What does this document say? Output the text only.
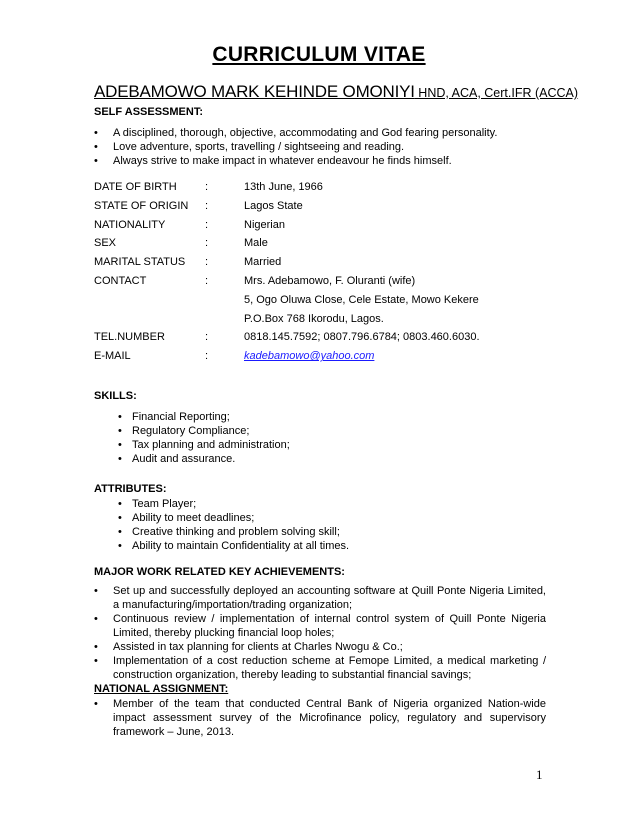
CURRICULUM VITAE
ADEBAMOWO MARK KEHINDE OMONIYI HND, ACA, Cert.IFR (ACCA)
SELF ASSESSMENT:
• A disciplined, thorough, objective, accommodating and God fearing personality.
• Love adventure, sports, travelling / sightseeing and reading.
• Always strive to make impact in whatever endeavour he finds himself.
DATE OF BIRTH	:	13th June, 1966
STATE OF ORIGIN :	Lagos State
NATIONALITY	:	Nigerian
SEX	:	Male
MARITAL STATUS :	Married
CONTACT	:	Mrs. Adebamowo, F. Oluranti (wife)
5, Ogo Oluwa Close, Cele Estate, Mowo Kekere
P.O.Box 768 Ikorodu, Lagos.
TEL.NUMBER	:	0818.145.7592; 0807.796.6784; 0803.460.6030.
E-MAIL	:	kadebamowo@yahoo.com
SKILLS:
• Financial Reporting;
• Regulatory Compliance;
• Tax planning and administration;
• Audit and assurance.
ATTRIBUTES:
• Team Player;
• Ability to meet deadlines;
• Creative thinking and problem solving skill;
• Ability to maintain Confidentiality at all times.
MAJOR WORK RELATED KEY ACHIEVEMENTS:
• Set up and successfully deployed an accounting software at Quill Ponte Nigeria Limited, a manufacturing/importation/trading organization;
• Continuous review / implementation of internal control system of Quill Ponte Nigeria Limited, thereby plucking financial loop holes;
• Assisted in tax planning for clients at Charles Nwogu & Co.;
• Implementation of a cost reduction scheme at Femope Limited, a medical marketing / construction organization, thereby leading to substantial financial savings;
NATIONAL ASSIGNMENT:
• Member of the team that conducted Central Bank of Nigeria organized Nation-wide impact assessment survey of the Microfinance policy, regulatory and supervisory framework – June, 2013.
1
